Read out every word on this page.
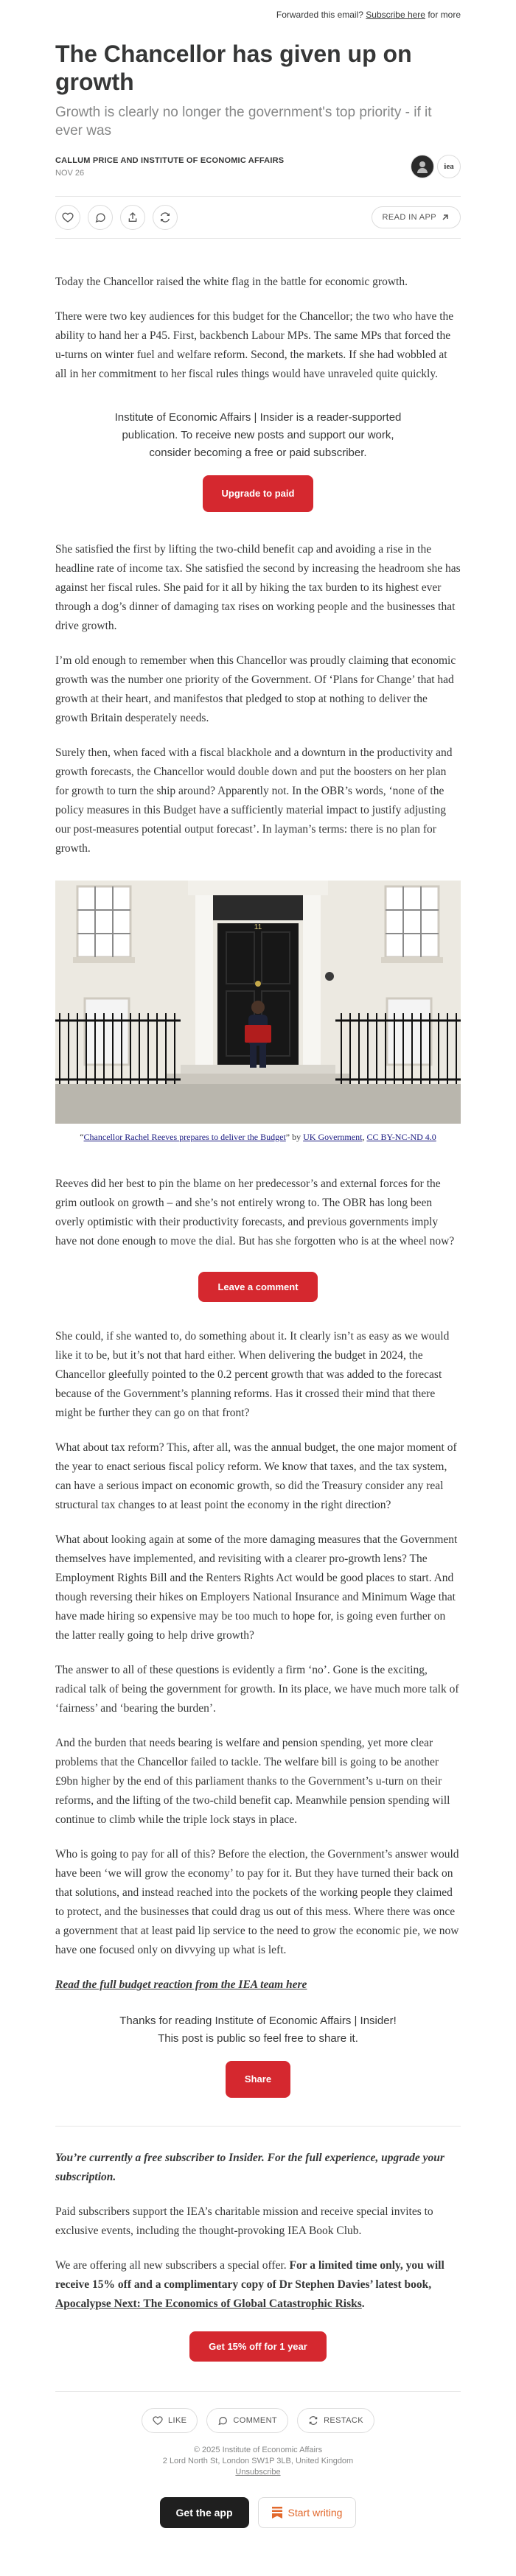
Forwarded this email? Subscribe here for more
The Chancellor has given up on growth
Growth is clearly no longer the government's top priority - if it ever was
CALLUM PRICE AND INSTITUTE OF ECONOMIC AFFAIRS
NOV 26
iea
READ IN APP

Today the Chancellor raised the white flag in the battle for economic growth.

There were two key audiences for this budget for the Chancellor; the two who have the ability to hand her a P45. First, backbench Labour MPs. The same MPs that forced the u-turns on winter fuel and welfare reform. Second, the markets. If she had wobbled at all in her commitment to her fiscal rules things would have unraveled quite quickly.

Institute of Economic Affairs | Insider is a reader-supported publication. To receive new posts and support our work, consider becoming a free or paid subscriber.
Upgrade to paid

She satisfied the first by lifting the two-child benefit cap and avoiding a rise in the headline rate of income tax. She satisfied the second by increasing the headroom she has against her fiscal rules. She paid for it all by hiking the tax burden to its highest ever through a dog’s dinner of damaging tax rises on working people and the businesses that drive growth.

I’m old enough to remember when this Chancellor was proudly claiming that economic growth was the number one priority of the Government. Of ‘Plans for Change’ that had growth at their heart, and manifestos that pledged to stop at nothing to deliver the growth Britain desperately needs.

Surely then, when faced with a fiscal blackhole and a downturn in the productivity and growth forecasts, the Chancellor would double down and put the boosters on her plan for growth to turn the ship around? Apparently not. In the OBR’s words, ‘none of the policy measures in this Budget have a sufficiently material impact to justify adjusting our post-measures potential output forecast’. In layman’s terms: there is no plan for growth.

11
“Chancellor Rachel Reeves prepares to deliver the Budget” by UK Government, CC BY-NC-ND 4.0

Reeves did her best to pin the blame on her predecessor’s and external forces for the grim outlook on growth – and she’s not entirely wrong to. The OBR has long been overly optimistic with their productivity forecasts, and previous governments imply have not done enough to move the dial. But has she forgotten who is at the wheel now?

Leave a comment

She could, if she wanted to, do something about it. It clearly isn’t as easy as we would like it to be, but it’s not that hard either. When delivering the budget in 2024, the Chancellor gleefully pointed to the 0.2 percent growth that was added to the forecast because of the Government’s planning reforms. Has it crossed their mind that there might be further they can go on that front?

What about tax reform? This, after all, was the annual budget, the one major moment of the year to enact serious fiscal policy reform. We know that taxes, and the tax system, can have a serious impact on economic growth, so did the Treasury consider any real structural tax changes to at least point the economy in the right direction?

What about looking again at some of the more damaging measures that the Government themselves have implemented, and revisiting with a clearer pro-growth lens? The Employment Rights Bill and the Renters Rights Act would be good places to start. And though reversing their hikes on Employers National Insurance and Minimum Wage that have made hiring so expensive may be too much to hope for, is going even further on the latter really going to help drive growth?

The answer to all of these questions is evidently a firm ‘no’. Gone is the exciting, radical talk of being the government for growth. In its place, we have much more talk of ‘fairness’ and ‘bearing the burden’.

And the burden that needs bearing is welfare and pension spending, yet more clear problems that the Chancellor failed to tackle. The welfare bill is going to be another £9bn higher by the end of this parliament thanks to the Government’s u-turn on their reforms, and the lifting of the two-child benefit cap. Meanwhile pension spending will continue to climb while the triple lock stays in place.

Who is going to pay for all of this? Before the election, the Government’s answer would have been ‘we will grow the economy’ to pay for it. But they have turned their back on that solutions, and instead reached into the pockets of the working people they claimed to protect, and the businesses that could drag us out of this mess. Where there was once a government that at least paid lip service to the need to grow the economic pie, we now have one focused only on divvying up what is left.

Read the full budget reaction from the IEA team here

Thanks for reading Institute of Economic Affairs | Insider! This post is public so feel free to share it.
Share

You’re currently a free subscriber to Insider. For the full experience, upgrade your subscription.

Paid subscribers support the IEA’s charitable mission and receive special invites to exclusive events, including the thought-provoking IEA Book Club.

We are offering all new subscribers a special offer. For a limited time only, you will receive 15% off and a complimentary copy of Dr Stephen Davies’ latest book, Apocalypse Next: The Economics of Global Catastrophic Risks.

Get 15% off for 1 year
LIKE	COMMENT	RESTACK
© 2025 Institute of Economic Affairs
2 Lord North St, London SW1P 3LB, United Kingdom
Unsubscribe
Get the app	Start writing
